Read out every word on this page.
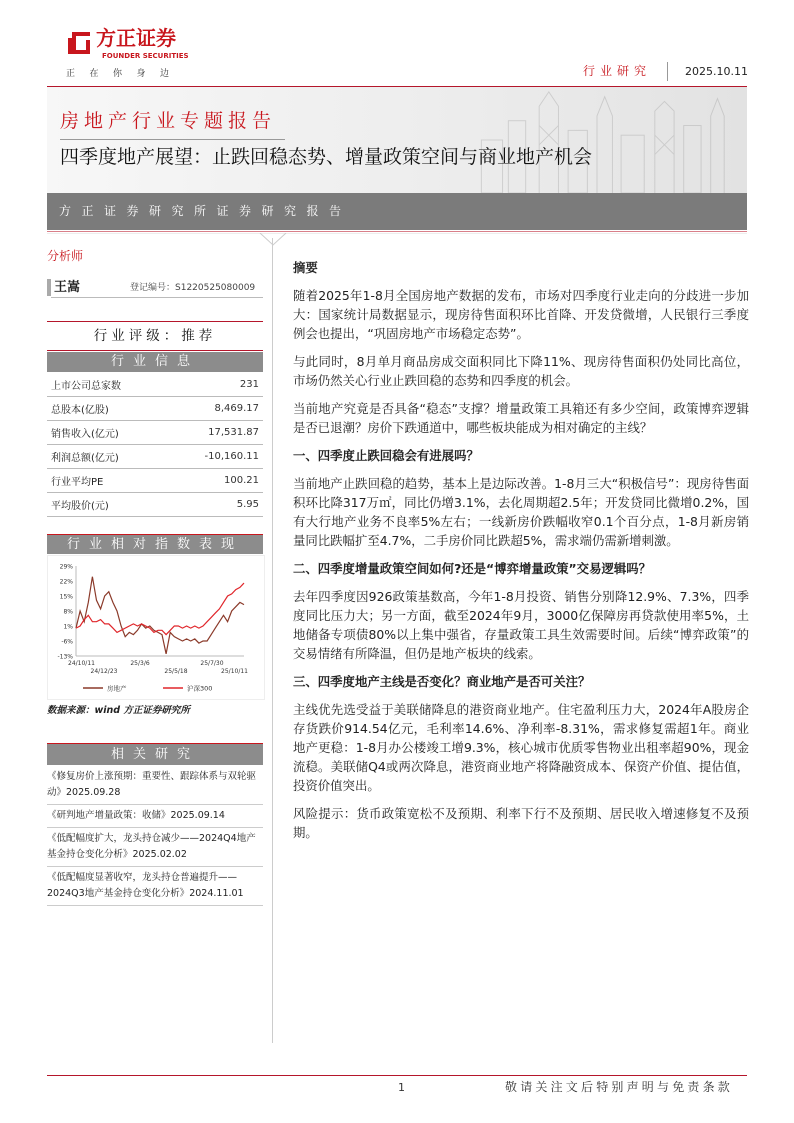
方正证券
FOUNDER SECURITIES
正在你身边	行业研究	2025.10.11
房地产行业专题报告
四季度地产展望：止跌回稳态势、增量政策空间与商业地产机会
方正证券研究所证券研究报告
分析师
王嵩	登记编号：S1220525080009
行业评级：推荐
行业信息
上市公司总家数	231
总股本(亿股)	8,469.17
销售收入(亿元)	17,531.87
利润总额(亿元)	-10,160.11
行业平均PE	100.21
平均股价(元)	5.95
行业相对指数表现
29%
22%
15%
8%
1%
-6%
-13%
24/10/11
24/12/23
25/3/6
25/5/18
25/7/30
25/10/11
房地产	沪深300
数据来源：wind 方正证券研究所
相关研究
《修复房价上涨预期：重要性、跟踪体系与双轮驱动》2025.09.28
《研判地产增量政策：收储》2025.09.14
《低配幅度扩大，龙头持仓减少——2024Q4地产基金持仓变化分析》2025.02.02
《低配幅度显著收窄，龙头持仓普遍提升——2024Q3地产基金持仓变化分析》2024.11.01
摘要

随着2025年1-8月全国房地产数据的发布，市场对四季度行业走向的分歧进一步加大：国家统计局数据显示，现房待售面积环比首降、开发贷微增，人民银行三季度例会也提出，“巩固房地产市场稳定态势”。

与此同时，8月单月商品房成交面积同比下降11%、现房待售面积仍处同比高位，市场仍然关心行业止跌回稳的态势和四季度的机会。

当前地产究竟是否具备“稳态”支撑？增量政策工具箱还有多少空间，政策博弈逻辑是否已退潮？房价下跌通道中，哪些板块能成为相对确定的主线？

一、四季度止跌回稳会有进展吗？

当前地产止跌回稳的趋势，基本上是边际改善。1-8月三大“积极信号”：现房待售面积环比降317万㎡，同比仍增3.1%，去化周期超2.5年；开发贷同比微增0.2%，国有大行地产业务不良率5%左右；一线新房价跌幅收窄0.1个百分点，1-8月新房销量同比跌幅扩至4.7%，二手房价同比跌超5%，需求端仍需新增刺激。

二、四季度增量政策空间如何?还是“博弈增量政策”交易逻辑吗？

去年四季度因926政策基数高，今年1-8月投资、销售分别降12.9%、7.3%，四季度同比压力大；另一方面，截至2024年9月，3000亿保障房再贷款使用率5%，土地储备专项债80%以上集中强省，存量政策工具生效需要时间。后续“博弈政策”的交易情绪有所降温，但仍是地产板块的线索。

三、四季度地产主线是否变化？商业地产是否可关注？

主线优先选受益于美联储降息的港资商业地产。住宅盈利压力大，2024年A股房企存货跌价914.54亿元，毛利率14.6%、净利率-8.31%，需求修复需超1年。商业地产更稳：1-8月办公楼竣工增9.3%，核心城市优质零售物业出租率超90%，现金流稳。美联储Q4或两次降息，港资商业地产将降融资成本、保资产价值、提估值，投资价值突出。

风险提示：货币政策宽松不及预期、利率下行不及预期、居民收入增速修复不及预期。

1	敬请关注文后特别声明与免责条款
